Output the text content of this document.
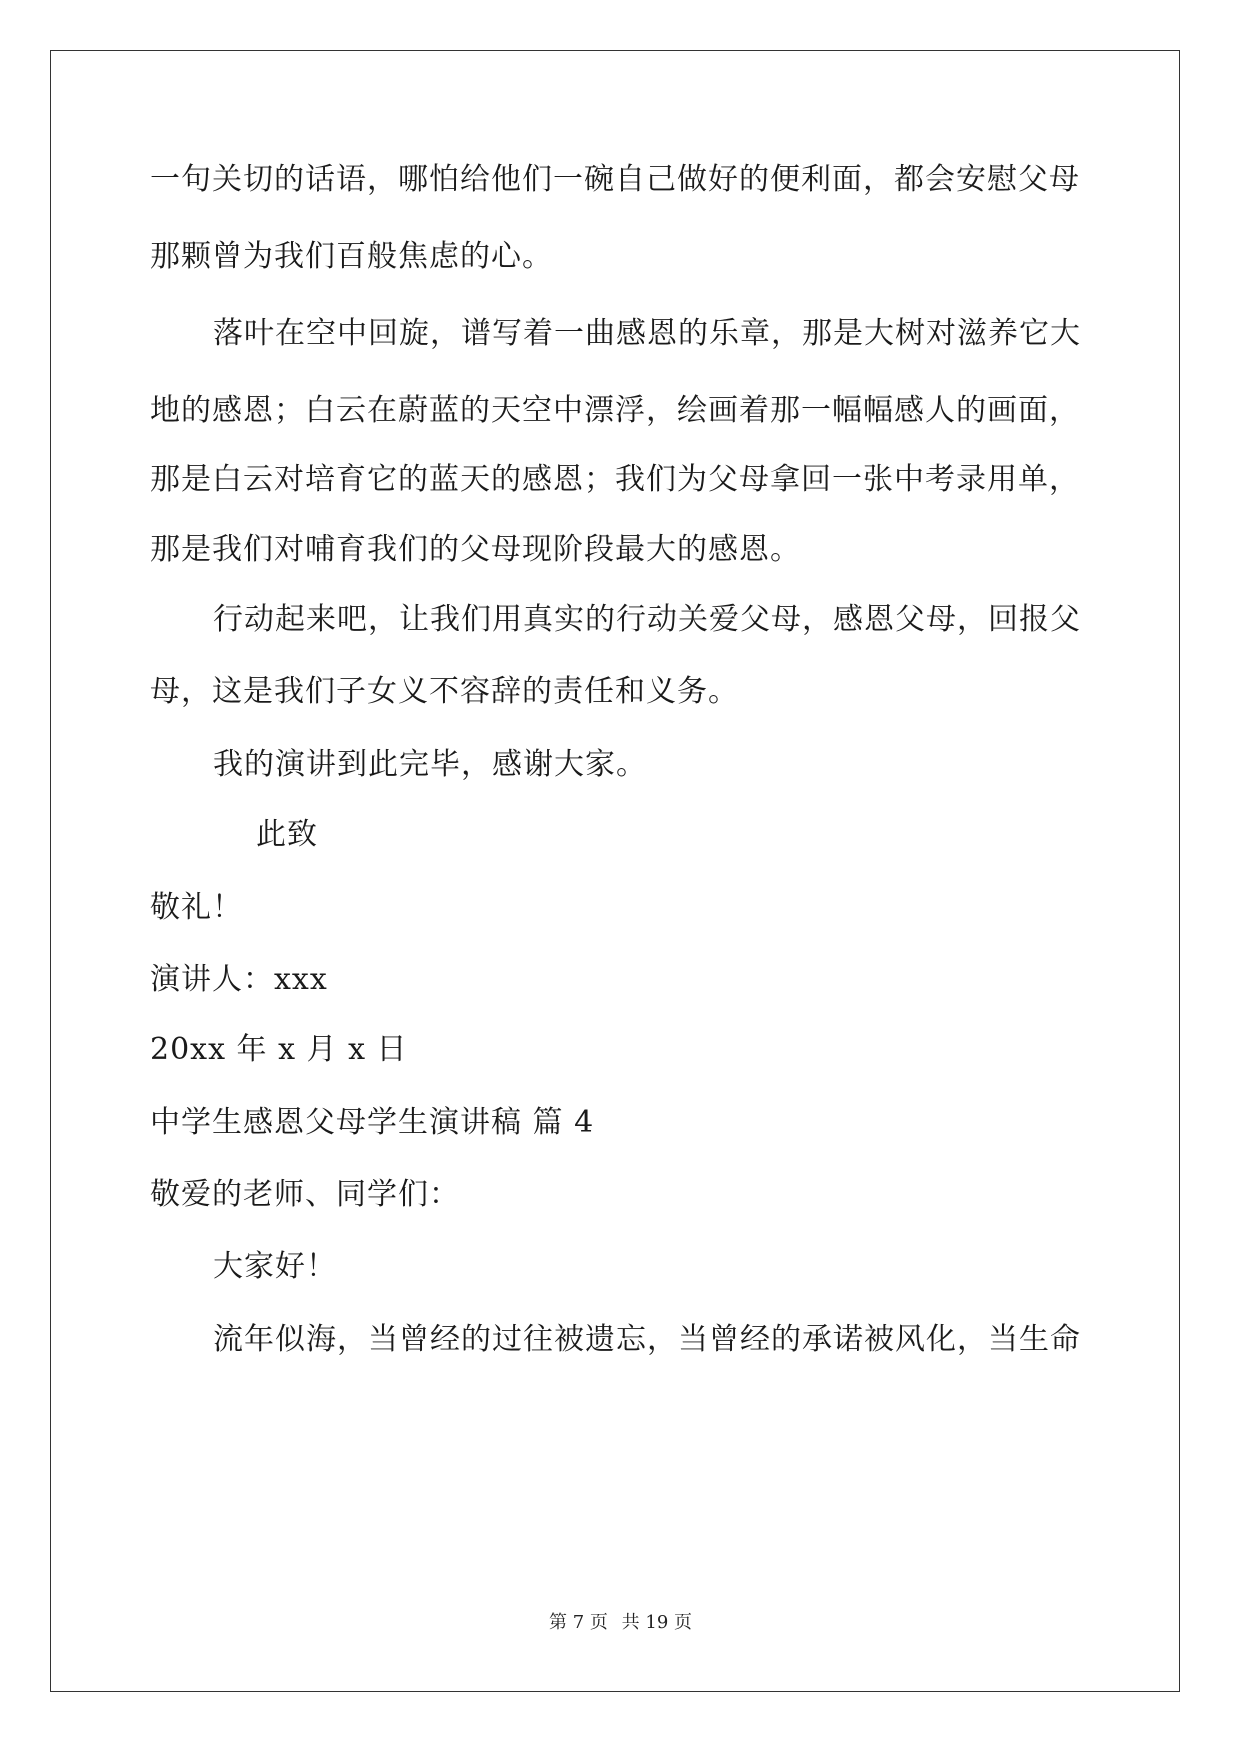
一句关切的话语，哪怕给他们一碗自己做好的便利面，都会安慰父母
那颗曾为我们百般焦虑的心。
落叶在空中回旋，谱写着一曲感恩的乐章，那是大树对滋养它大
地的感恩；白云在蔚蓝的天空中漂浮，绘画着那一幅幅感人的画面，
那是白云对培育它的蓝天的感恩；我们为父母拿回一张中考录用单，
那是我们对哺育我们的父母现阶段最大的感恩。
行动起来吧，让我们用真实的行动关爱父母，感恩父母，回报父
母，这是我们子女义不容辞的责任和义务。
我的演讲到此完毕，感谢大家。
此致
敬礼！
演讲人：xxx
20xx 年 x 月 x 日
中学生感恩父母学生演讲稿 篇 4
敬爱的老师、同学们：
大家好！
流年似海，当曾经的过往被遗忘，当曾经的承诺被风化，当生命
第 7 页 共 19 页
